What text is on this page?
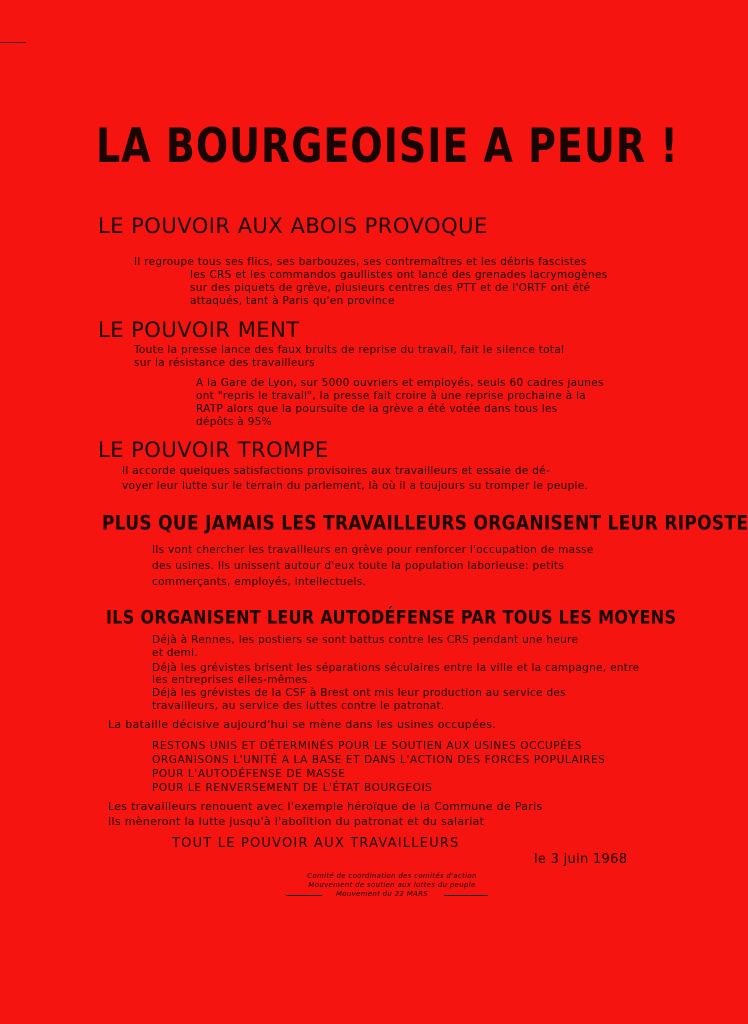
LA BOURGEOISIE A PEUR !
LE POUVOIR AUX ABOIS PROVOQUE
Il regroupe tous ses flics, ses barbouzes, ses contremaîtres et les débris fascistes
les CRS et les commandos gaullistes ont lancé des grenades lacrymogènes
sur des piquets de grève, plusieurs centres des PTT et de l'ORTF ont été
attaqués, tant à Paris qu'en province
LE POUVOIR MENT
Toute la presse lance des faux bruits de reprise du travail, fait le silence total
sur la résistance des travailleurs
A la Gare de Lyon, sur 5000 ouvriers et employés, seuls 60 cadres jaunes
ont "repris le travail", la presse fait croire à une reprise prochaine à la
RATP alors que la poursuite de la grève a été votée dans tous les
dépôts à 95%
LE POUVOIR TROMPE
Il accorde quelques satisfactions provisoires aux travailleurs et essaie de dé-
voyer leur lutte sur le terrain du parlement, là où il a toujours su tromper le peuple.
PLUS QUE JAMAIS LES TRAVAILLEURS ORGANISENT LEUR RIPOSTE
Ils vont chercher les travailleurs en grève pour renforcer l'occupation de masse
des usines. Ils unissent autour d'eux toute la population laborieuse: petits
commerçants, employés, intellectuels.
ILS ORGANISENT LEUR AUTODÉFENSE PAR TOUS LES MOYENS
Déjà à Rennes, les postiers se sont battus contre les CRS pendant une heure
et demi.
Déjà les grévistes brisent les séparations séculaires entre la ville et la campagne, entre
les entreprises elles-mêmes.
Déjà les grévistes de la CSF à Brest ont mis leur production au service des
travailleurs, au service des luttes contre le patronat.
La bataille décisive aujourd'hui se mène dans les usines occupées.
RESTONS UNIS ET DÉTERMINÉS POUR LE SOUTIEN AUX USINES OCCUPÉES
ORGANISONS L'UNITÉ A LA BASE ET DANS L'ACTION DES FORCES POPULAIRES
POUR L'AUTODÉFENSE DE MASSE
POUR LE RENVERSEMENT DE L'ÉTAT BOURGEOIS
Les travailleurs renouent avec l'exemple héroïque de la Commune de Paris
Ils mèneront la lutte jusqu'à l'abolition du patronat et du salariat
TOUT LE POUVOIR AUX TRAVAILLEURS
le 3 juin 1968
Comité de coordination des comités d'action
Mouvement de soutien aux luttes du peuple
Mouvement du 22 MARS
